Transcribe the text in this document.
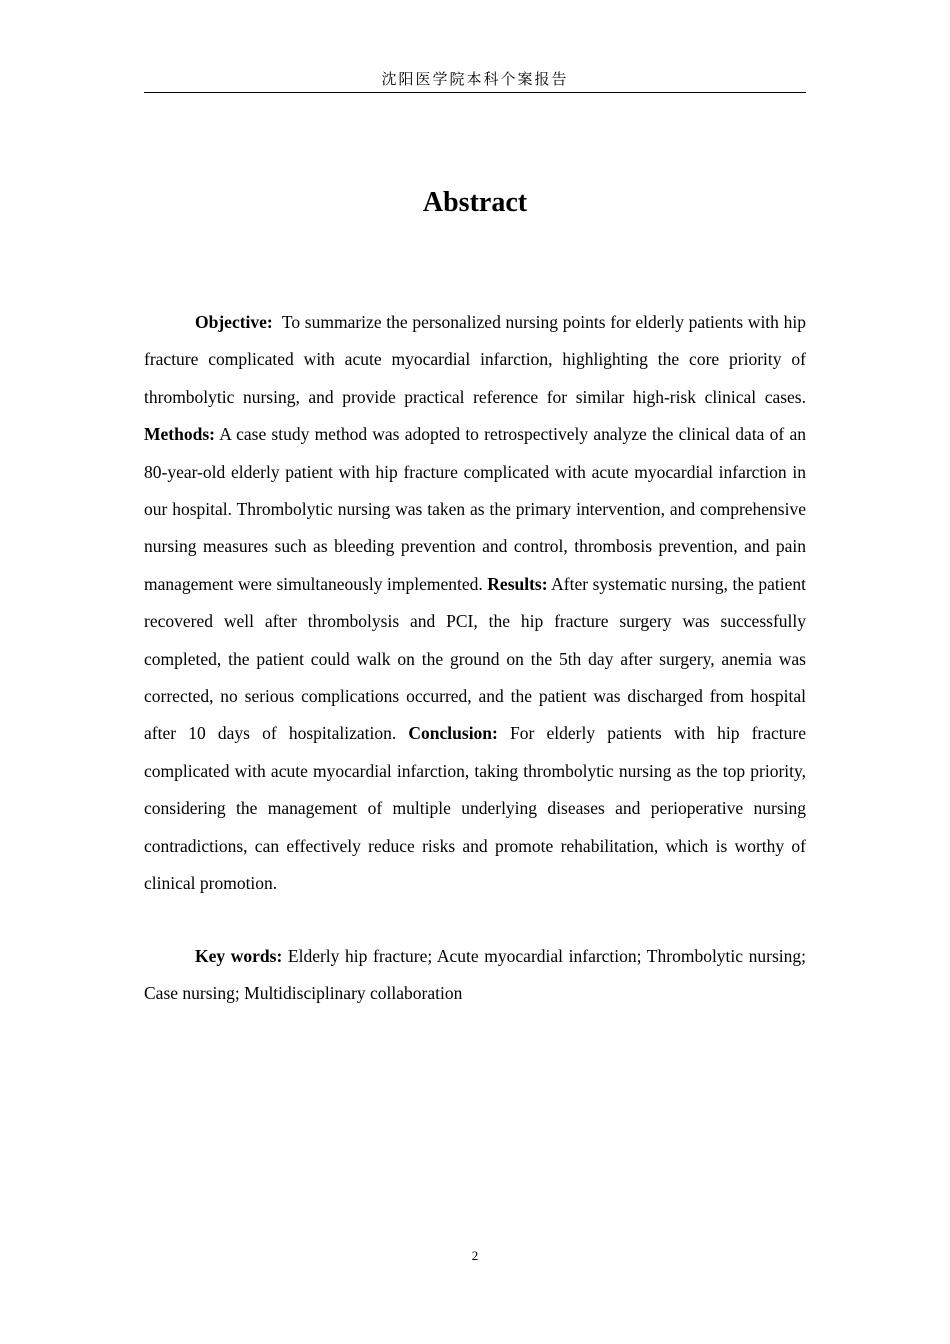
沈阳医学院本科个案报告
Abstract

Objective: To summarize the personalized nursing points for elderly patients with hip fracture complicated with acute myocardial infarction, highlighting the core priority of thrombolytic nursing, and provide practical reference for similar high-risk clinical cases. Methods: A case study method was adopted to retrospectively analyze the clinical data of an 80-year-old elderly patient with hip fracture complicated with acute myocardial infarction in our hospital. Thrombolytic nursing was taken as the primary intervention, and comprehensive nursing measures such as bleeding prevention and control, thrombosis prevention, and pain management were simultaneously implemented. Results: After systematic nursing, the patient recovered well after thrombolysis and PCI, the hip fracture surgery was successfully completed, the patient could walk on the ground on the 5th day after surgery, anemia was corrected, no serious complications occurred, and the patient was discharged from hospital after 10 days of hospitalization. Conclusion: For elderly patients with hip fracture complicated with acute myocardial infarction, taking thrombolytic nursing as the top priority, considering the management of multiple underlying diseases and perioperative nursing contradictions, can effectively reduce risks and promote rehabilitation, which is worthy of clinical promotion.

Key words: Elderly hip fracture; Acute myocardial infarction; Thrombolytic nursing; Case nursing; Multidisciplinary collaboration

2
